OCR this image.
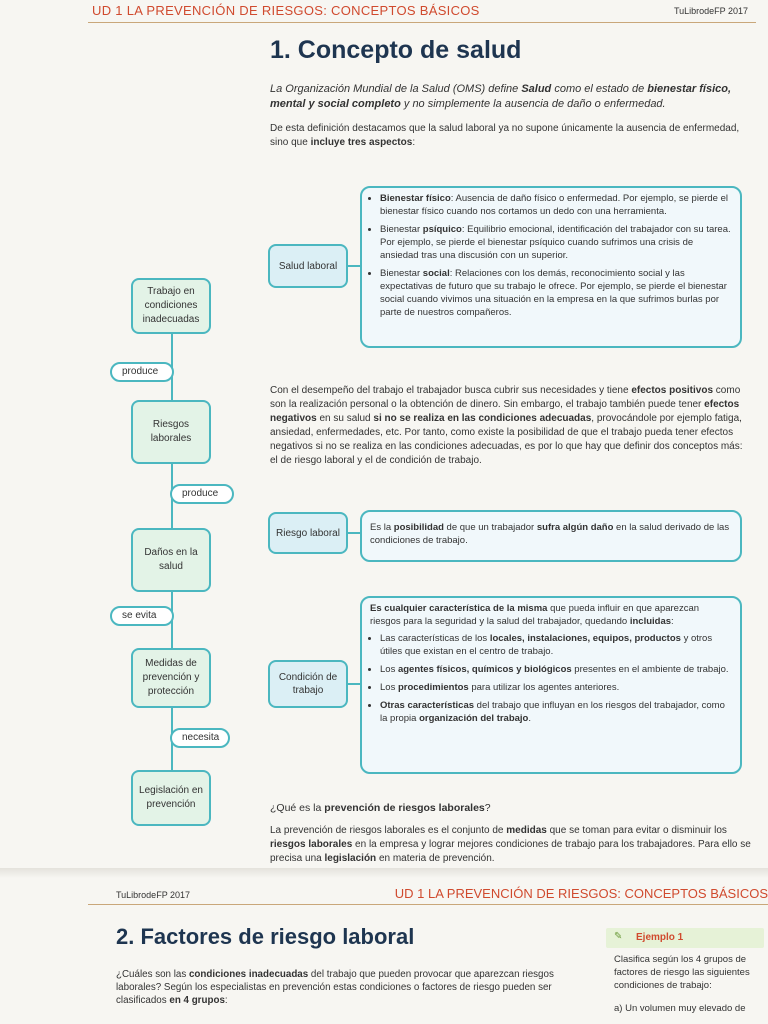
UD 1 LA PREVENCIÓN DE RIESGOS: CONCEPTOS BÁSICOS	TuLibrodeFP 2017
1. Concepto de salud
La Organización Mundial de la Salud (OMS) define Salud como el estado de bienestar físico, mental y social completo y no simplemente la ausencia de daño o enfermedad.
De esta definición destacamos que la salud laboral ya no supone únicamente la ausencia de enfermedad, sino que incluye tres aspectos:
Trabajo en condiciones inadecuadas
produce
Riesgos laborales
produce
Daños en la salud
se evita
Medidas de prevención y protección
necesita
Legislación en prevención
Salud laboral
• Bienestar físico: Ausencia de daño físico o enfermedad. Por ejemplo, se pierde el bienestar físico cuando nos cortamos un dedo con una herramienta.
• Bienestar psíquico: Equilibrio emocional, identificación del trabajador con su tarea. Por ejemplo, se pierde el bienestar psíquico cuando sufrimos una crisis de ansiedad tras una discusión con un superior.
• Bienestar social: Relaciones con los demás, reconocimiento social y las expectativas de futuro que su trabajo le ofrece. Por ejemplo, se pierde el bienestar social cuando vivimos una situación en la empresa en la que sufrimos burlas por parte de nuestros compañeros.
Con el desempeño del trabajo el trabajador busca cubrir sus necesidades y tiene efectos positivos como son la realización personal o la obtención de dinero. Sin embargo, el trabajo también puede tener efectos negativos en su salud si no se realiza en las condiciones adecuadas, provocándole por ejemplo fatiga, ansiedad, enfermedades, etc. Por tanto, como existe la posibilidad de que el trabajo pueda tener efectos negativos si no se realiza en las condiciones adecuadas, es por lo que hay que definir dos conceptos más: el de riesgo laboral y el de condición de trabajo.
Riesgo laboral	Es la posibilidad de que un trabajador sufra algún daño en la salud derivado de las condiciones de trabajo.
Condición de trabajo
Es cualquier característica de la misma que pueda influir en que aparezcan riesgos para la seguridad y la salud del trabajador, quedando incluidas:
• Las características de los locales, instalaciones, equipos, productos y otros útiles que existan en el centro de trabajo.
• Los agentes físicos, químicos y biológicos presentes en el ambiente de trabajo.
• Los procedimientos para utilizar los agentes anteriores.
• Otras características del trabajo que influyan en los riesgos del trabajador, como la propia organización del trabajo.
¿Qué es la prevención de riesgos laborales?
La prevención de riesgos laborales es el conjunto de medidas que se toman para evitar o disminuir los riesgos laborales en la empresa y lograr mejores condiciones de trabajo para los trabajadores. Para ello se precisa una legislación en materia de prevención.
TuLibrodeFP 2017	UD 1 LA PREVENCIÓN DE RIESGOS: CONCEPTOS BÁSICOS
2. Factores de riesgo laboral	✎ Ejemplo 1
Clasifica según los 4 grupos de factores de riesgo las siguientes condiciones de trabajo:
a) Un volumen muy elevado de
¿Cuáles son las condiciones inadecuadas del trabajo que pueden provocar que aparezcan riesgos laborales? Según los especialistas en prevención estas condiciones o factores de riesgo pueden ser clasificados en 4 grupos:
